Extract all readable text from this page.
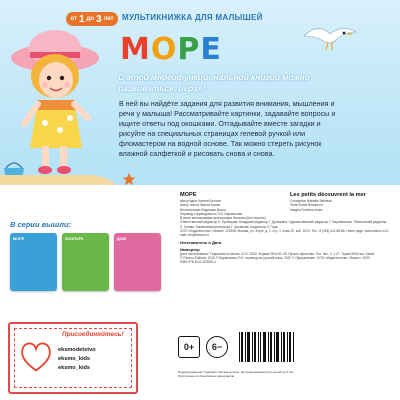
от 1 до 3 лет МУЛЬТИКНИЖКА ДЛЯ МАЛЫШЕЙ
МОРЕ
С этой многофункциональной книгой можно развиваться, играя!
В ней вы найдёте задания для развития внимания, мышления и речи у малыша! Рассматривайте картинки, задавайте вопросы и ищите ответы под окошками. Отгадывайте вместе загадки и рисуйте на специальных страницах гелевой ручкой или фломастером на водной основе. Так можно стереть рисунок влажной салфеткой и рисовать снова и снова.
МОРЕ	Les petits découvrent la mer
Автор идеи Натали Беллем
Автор текста Эмили Бомон
Иллюстрации Федерика Иосса
Conception Nathalie Bélineau
Texte Émilie Beaumont
Images Federica Iossa
Перевод с французского Л.И. Бараконова
В книге использованы фотографии Натальи (Шоттерсток)
Ответственный редактор Е. Кузнецова. Младший редактор Г. Дрожжина. Художественный редактор Г. Баранникова. Технический редактор Л. Зотова. Компьютерная верстка Т. Архипова. Корректор Н. Гаца.
ООО «Издательство «Эксмо» 123308, Москва, ул. Зорге, д. 1, стр. 1, этаж 20, каб. 2013. Тел.: 8 (495) 411-68-86. Home page: www.eksmo.ru E-mail: info@eksmo.ru
Изготовитель и Дата
Импортер
Дата изготовления / Подписано в печать 10.07.2020. Формат 90x100 1/8. Печать офсетная. Усл. печ. л. 1,27. Тираж 5000 экз. Заказ
© Fleurus Éditions, 2019 © Бараконова Л.И., перевод на русский язык, 2020 © Оформление. ООО «Издательство «Эксмо», 2020
ISBN 978-5-04-102605-4
В серии вышли:
МОРЕ	ЗООПАРК	ДОМ
Присоединяйтесь!
eksmodetstvo
eksmo_kids
eksmo_kids
0+	6−
Предупреждение! Содержит мелкие детали. Не предназначено для детей до 3 лет. Изготовлено из безопасных материалов.
